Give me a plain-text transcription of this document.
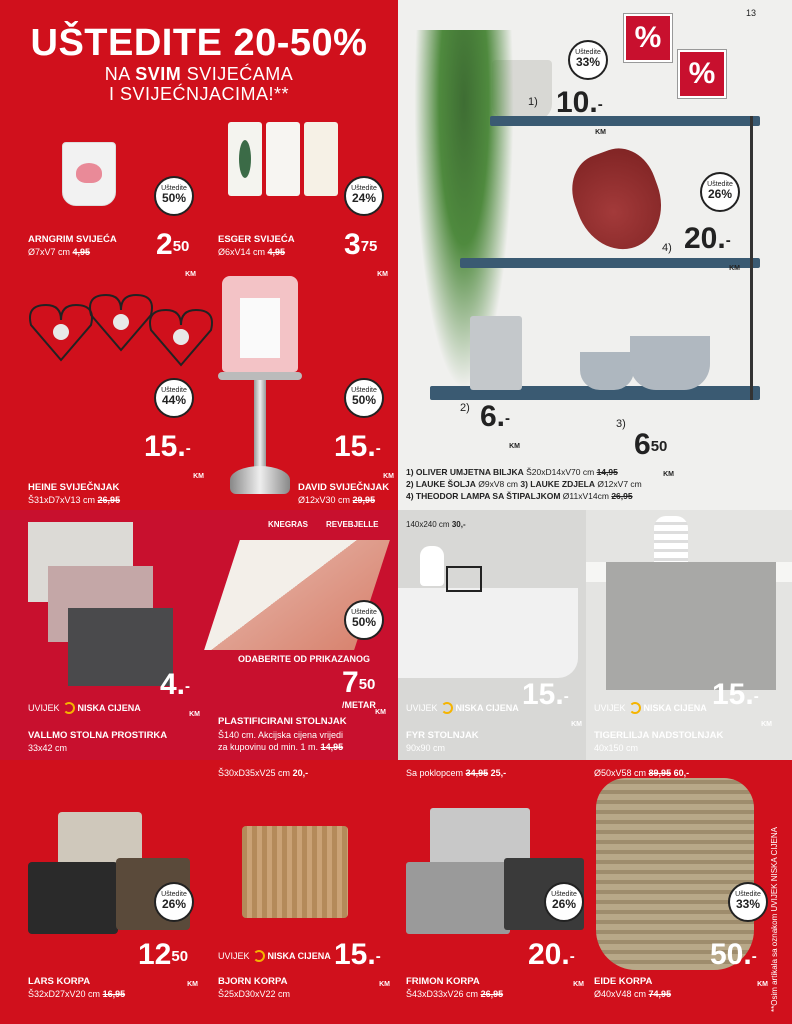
13
UŠTEDITE 20-50%
NA SVIM SVIJEĆAMA
I SVIJEĆNJACIMA!**
Uštedite
50%
ARNGRIM SVIJEĆA
Ø7xV7 cm 4,95 $2^{50}$
KM
Uštedite
24%
ESGER SVIJEĆA
Ø6xV14 cm 4,95 $3^{75}$
KM
Uštedite
44%
15.-
KM
HEINE SVIJEČNJAK
Š31xD7xV13 cm 26,95
Uštedite
50%
15.-
KM
DAVID SVIJEČNJAK
Ø12xV30 cm 29,95
%
%
Uštedite
33%
1) 10.-
KM
Uštedite
26%
4) 20.-
KM
2) 6.-
KM
3)
$6^{50}$
KM
1) OLIVER UMJETNA BILJKA Š20xD14xV70 cm 14,95
2) LAUKE ŠOLJA Ø9xV8 cm 3) LAUKE ZDJELA Ø12xV7 cm
4) THEODOR LAMPA SA ŠTIPALJKOM Ø11xV14cm 26,95
4.-
KM
UVIJEK NISKA CIJENA
VALLMO STOLNA PROSTIRKA
33x42 cm
KNEGRAS REVEBJELLE
Uštedite
50%
ODABERITE OD PRIKAZANOG
$7^{50}$
KM
/METAR
PLASTIFICIRANI STOLNJAK
Š140 cm. Akcijska cijena vrijedi
za kupovinu od min. 1 m. 14,95
140x240 cm 30,-
15.-
KM
UVIJEK NISKA CIJENA
FYR STOLNJAK
90x90 cm
15.-
KM
UVIJEK NISKA CIJENA
TIGERLILJA NADSTOLNJAK
40x150 cm
Š30xD35xV25 cm 20,-	Sa poklopcem 34,95 25,-	Ø50xV58 cm 89,95 60,-
Uštedite
26%
$12^{50}$
KM
LARS KORPA
Š32xD27xV20 cm 16,95
UVIJEK NISKA CIJENA 15.-
KM
BJORN KORPA
Š25xD30xV22 cm
Uštedite
26%
20.-
KM
FRIMON KORPA
Š43xD33xV26 cm 26,95
Uštedite
33%
50.-
KM
EIDE KORPA
Ø40xV48 cm 74,95	**Osim artikala sa oznakom UVIJEK NISKA CIJENA
